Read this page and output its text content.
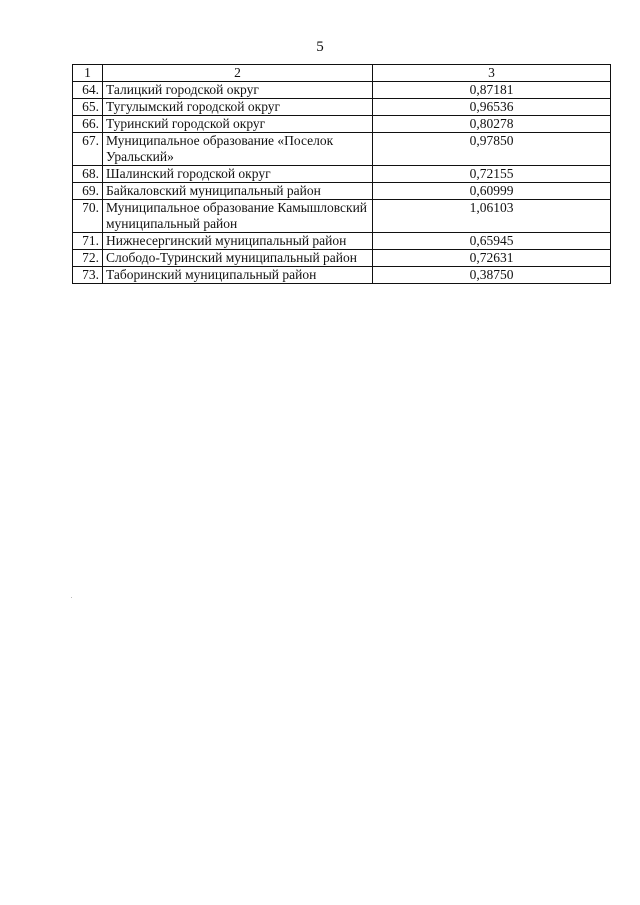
5
1	2	3
64.	Талицкий городской округ	0,87181
65.	Тугулымский городской округ	0,96536
66.	Туринский городской округ	0,80278
67.	Муниципальное образование «Поселок Уральский»	0,97850
68.	Шалинский городской округ	0,72155
69.	Байкаловский муниципальный район	0,60999
70.	Муниципальное образование Камышловский муниципальный район	1,06103
71.	Нижнесергинский муниципальный район	0,65945
72.	Слободо-Туринский муниципальный район	0,72631
73.	Таборинский муниципальный район	0,38750
